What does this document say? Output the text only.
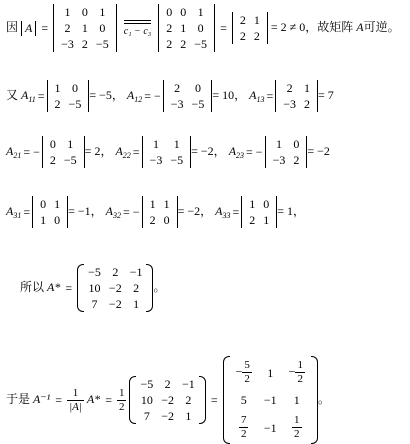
因 A =
1	0	1
2	1	0
−3	2	−5

c₁ − c₃
0	0	1
2	1	0
2	2	−5
=
2	1
2	2
= 2 ≠ 0，故矩阵 A可逆。
又 $A_{11}$ =
1	0
2	−5
= −5， $A_{12}$ = −
2	0
−3	−5
= 10， $A_{13}$ =
2	1
−3	2
= 7
$A_{21}$ = −
0	1
2	−5
= 2， $A_{22}$ =
1	1
−3	−5
= −2， $A_{23}$ = −
1	0
−3	2
= −2
$A_{31}$ =
0	1
1	0
= −1， $A_{32}$ = −
1	1
2	0
= −2， $A_{33}$ =
1	0
2	1
= 1，
所以 A* =
−5	2	−1
10	−2	2
7	−2	1
。
于是 $A^{-1} = \frac{1}{|A|} A* = \frac{1}{2}$

−5	2	−1
10	−2	2
7	−2	1
=
− $\frac{5}{2}$	1	− $\frac{1}{2}$

5	−1	1

$\frac{7}{2}$	−1	$\frac{1}{2}$
。
